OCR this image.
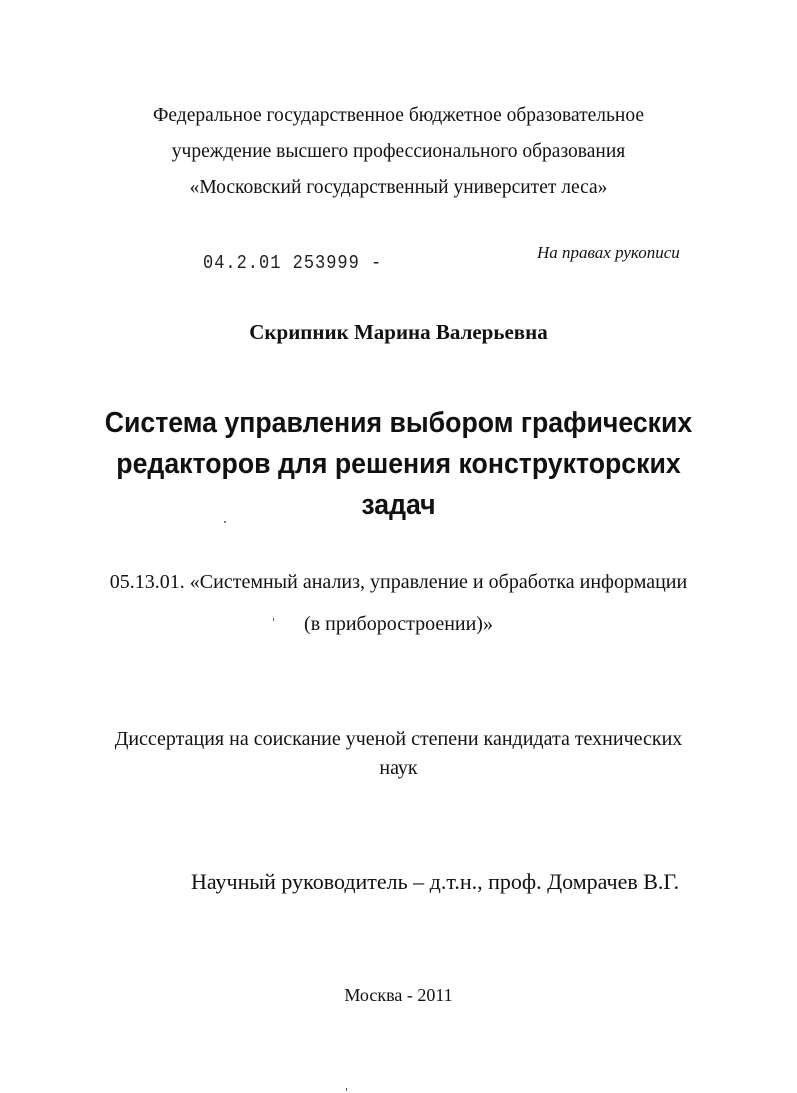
Федеральное государственное бюджетное образовательное
учреждение высшего профессионального образования
«Московский государственный университет леса»
04.2.01 253999 -
На правах рукописи
Скрипник Марина Валерьевна
Система управления выбором графических
редакторов для решения конструкторских
задач
05.13.01. «Системный анализ, управление и обработка информации
(в приборостроении)»
Диссертация на соискание ученой степени кандидата технических
наук
Научный руководитель – д.т.н., проф. Домрачев В.Г.
Москва - 2011
